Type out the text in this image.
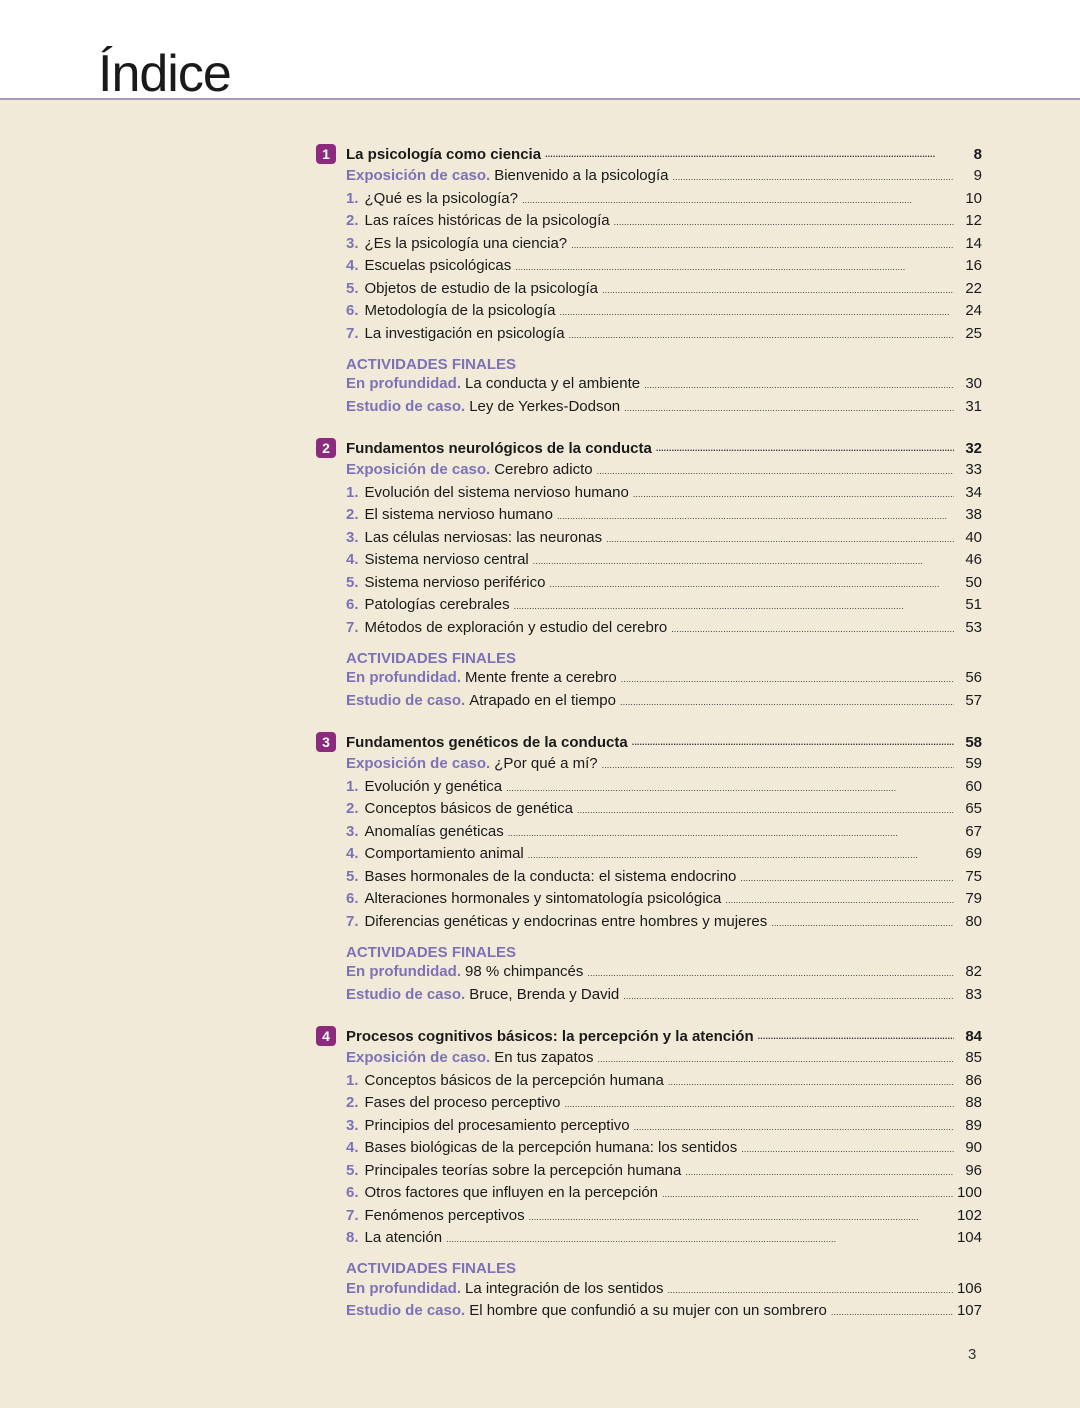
Índice
1	La psicología como ciencia . . .	8
Exposición de caso. Bienvenido a la psicología . . .	9
1. ¿Qué es la psicología? . . .	10
2. Las raíces históricas de la psicología . . .	12
3. ¿Es la psicología una ciencia? . . .	14
4. Escuelas psicológicas . . .	16
5. Objetos de estudio de la psicología . . .	22
6. Metodología de la psicología . . .	24
7. La investigación en psicología . . .	25
ACTIVIDADES FINALES
En profundidad. La conducta y el ambiente . . .	30
Estudio de caso. Ley de Yerkes-Dodson . . .	31
2	Fundamentos neurológicos de la conducta . . .	32
Exposición de caso. Cerebro adicto . . .	33
1. Evolución del sistema nervioso humano . . .	34
2. El sistema nervioso humano . . .	38
3. Las células nerviosas: las neuronas . . .	40
4. Sistema nervioso central . . .	46
5. Sistema nervioso periférico . . .	50
6. Patologías cerebrales . . .	51
7. Métodos de exploración y estudio del cerebro . . .	53
ACTIVIDADES FINALES
En profundidad. Mente frente a cerebro . . .	56
Estudio de caso. Atrapado en el tiempo . . .	57
3	Fundamentos genéticos de la conducta . . .	58
Exposición de caso. ¿Por qué a mí? . . .	59
1. Evolución y genética . . .	60
2. Conceptos básicos de genética . . .	65
3. Anomalías genéticas . . .	67
4. Comportamiento animal . . .	69
5. Bases hormonales de la conducta: el sistema endocrino . . .	75
6. Alteraciones hormonales y sintomatología psicológica . . .	79
7. Diferencias genéticas y endocrinas entre hombres y mujeres . . .	80
ACTIVIDADES FINALES
En profundidad. 98 % chimpancés . . .	82
Estudio de caso. Bruce, Brenda y David . . .	83
4	Procesos cognitivos básicos: la percepción y la atención . . .	84
Exposición de caso. En tus zapatos . . .	85
1. Conceptos básicos de la percepción humana . . .	86
2. Fases del proceso perceptivo . . .	88
3. Principios del procesamiento perceptivo . . .	89
4. Bases biológicas de la percepción humana: los sentidos . . .	90
5. Principales teorías sobre la percepción humana . . .	96
6. Otros factores que influyen en la percepción . . .	100
7. Fenómenos perceptivos . . .	102
8. La atención . . .	104
ACTIVIDADES FINALES
En profundidad. La integración de los sentidos . . .	106
Estudio de caso. El hombre que confundió a su mujer con un sombrero . . .	107
3
